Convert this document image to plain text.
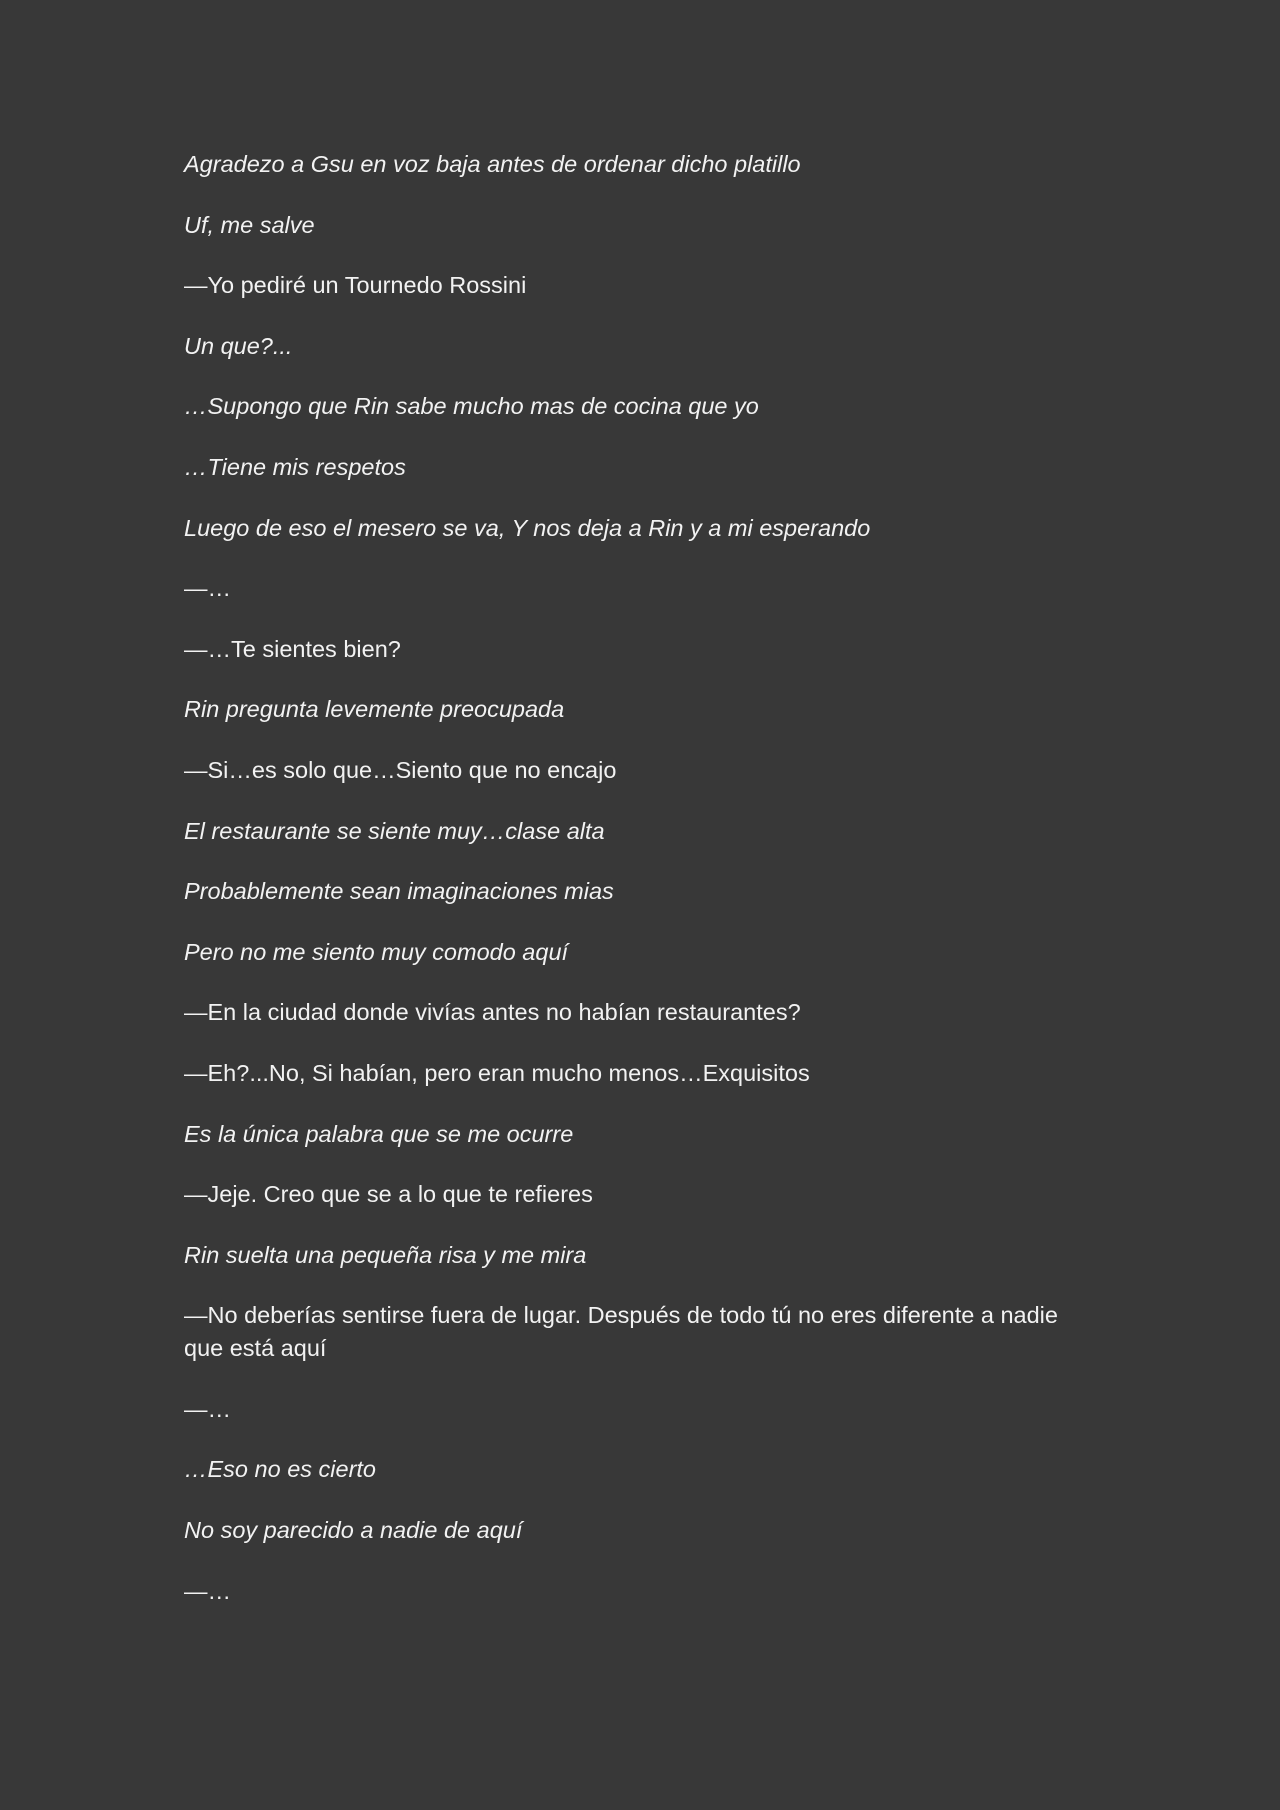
Agradezo a Gsu en voz baja antes de ordenar dicho platillo

Uf, me salve

—Yo pediré un Tournedo Rossini

Un que?...

…Supongo que Rin sabe mucho mas de cocina que yo

…Tiene mis respetos

Luego de eso el mesero se va, Y nos deja a Rin y a mi esperando

—…

—…Te sientes bien?

Rin pregunta levemente preocupada

—Si…es solo que…Siento que no encajo

El restaurante se siente muy…clase alta

Probablemente sean imaginaciones mias

Pero no me siento muy comodo aquí

—En la ciudad donde vivías antes no habían restaurantes?

—Eh?...No, Si habían, pero eran mucho menos…Exquisitos

Es la única palabra que se me ocurre

—Jeje. Creo que se a lo que te refieres

Rin suelta una pequeña risa y me mira

—No deberías sentirse fuera de lugar. Después de todo tú no eres diferente a nadie que está aquí

—…

…Eso no es cierto

No soy parecido a nadie de aquí

—…
